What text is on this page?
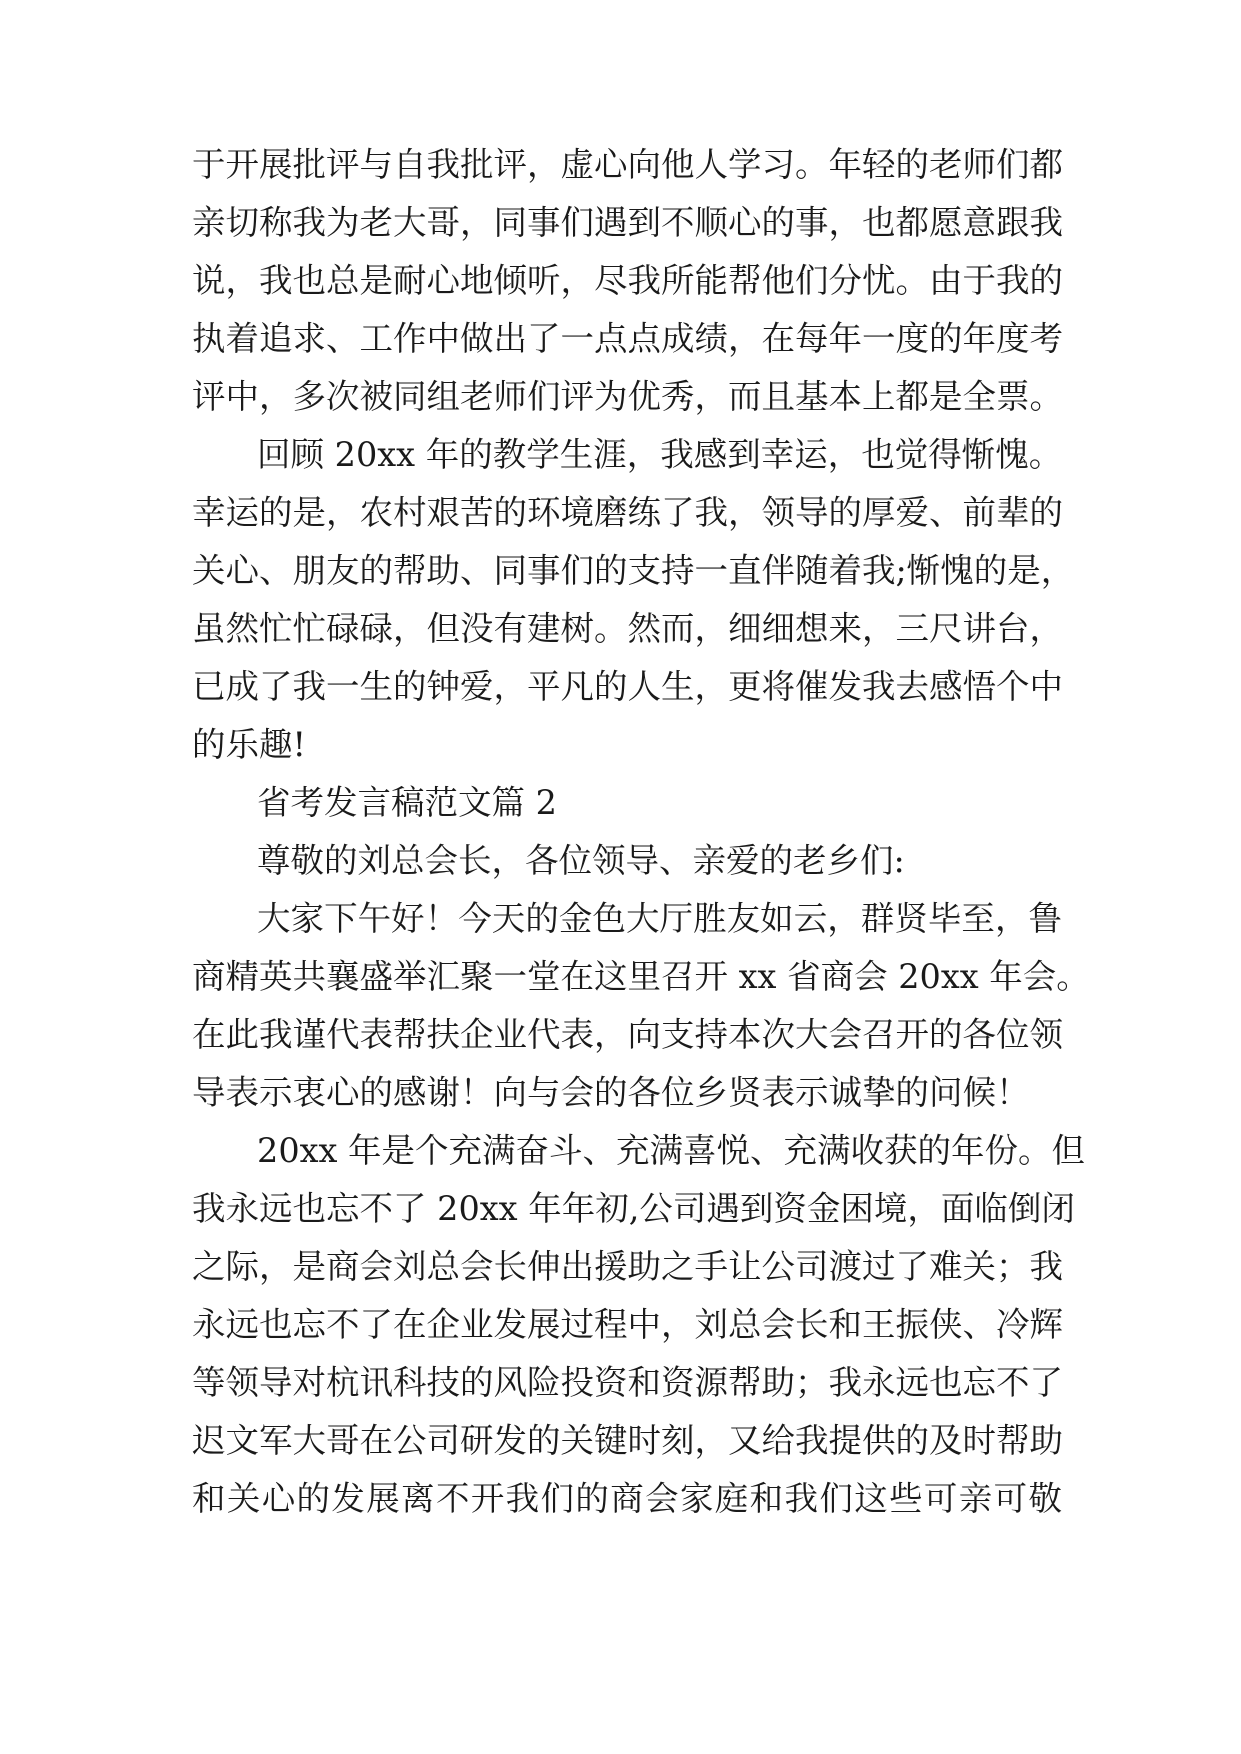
于开展批评与自我批评，虚心向他人学习。年轻的老师们都
亲切称我为老大哥，同事们遇到不顺心的事，也都愿意跟我
说，我也总是耐心地倾听，尽我所能帮他们分忧。由于我的
执着追求、工作中做出了一点点成绩，在每年一度的年度考
评中，多次被同组老师们评为优秀，而且基本上都是全票。
回顾 20xx 年的教学生涯，我感到幸运，也觉得惭愧。
幸运的是，农村艰苦的环境磨练了我，领导的厚爱、前辈的
关心、朋友的帮助、同事们的支持一直伴随着我;惭愧的是，
虽然忙忙碌碌，但没有建树。然而，细细想来，三尺讲台，
已成了我一生的钟爱，平凡的人生，更将催发我去感悟个中
的乐趣!
省考发言稿范文篇 2
尊敬的刘总会长，各位领导、亲爱的老乡们:
大家下午好！今天的金色大厅胜友如云，群贤毕至，鲁
商精英共襄盛举汇聚一堂在这里召开 xx 省商会 20xx 年会。
在此我谨代表帮扶企业代表，向支持本次大会召开的各位领
导表示衷心的感谢！向与会的各位乡贤表示诚挚的问候！
20xx 年是个充满奋斗、充满喜悦、充满收获的年份。但
我永远也忘不了 20xx 年年初,公司遇到资金困境，面临倒闭
之际，是商会刘总会长伸出援助之手让公司渡过了难关；我
永远也忘不了在企业发展过程中，刘总会长和王振侠、冷辉
等领导对杭讯科技的风险投资和资源帮助；我永远也忘不了
迟文军大哥在公司研发的关键时刻，又给我提供的及时帮助
和关心的发展离不开我们的商会家庭和我们这些可亲可敬
